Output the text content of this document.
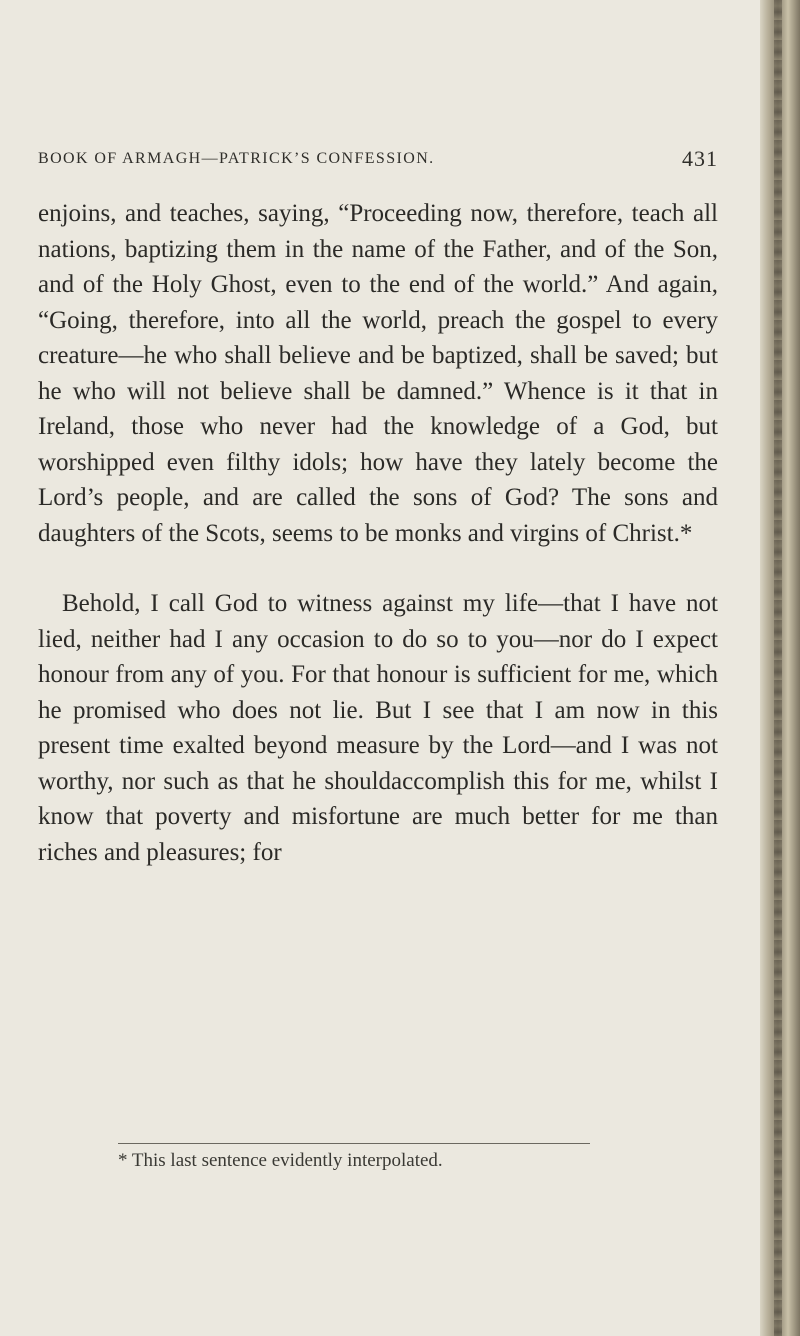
BOOK OF ARMAGH—PATRICK’S CONFESSION.	431

enjoins, and teaches, saying, “Proceeding now, therefore, teach all nations, baptizing them in the name of the Father, and of the Son, and of the Holy Ghost, even to the end of the world.” And again, “Going, therefore, into all the world, preach the gospel to every creature—he who shall believe and be baptized, shall be saved; but he who will not believe shall be damned.” Whence is it that in Ireland, those who never had the knowledge of a God, but worshipped even filthy idols; how have they lately become the Lord’s people, and are called the sons of God? The sons and daughters of the Scots, seems to be monks and virgins of Christ.*

Behold, I call God to witness against my life—that I have not lied, neither had I any occasion to do so to you—nor do I expect honour from any of you. For that honour is sufficient for me, which he promised who does not lie. But I see that I am now in this present time exalted beyond measure by the Lord—and I was not worthy, nor such as that he shouldaccomplish this for me, whilst I know that poverty and misfortune are much better for me than riches and pleasures; for

* This last sentence evidently interpolated.
